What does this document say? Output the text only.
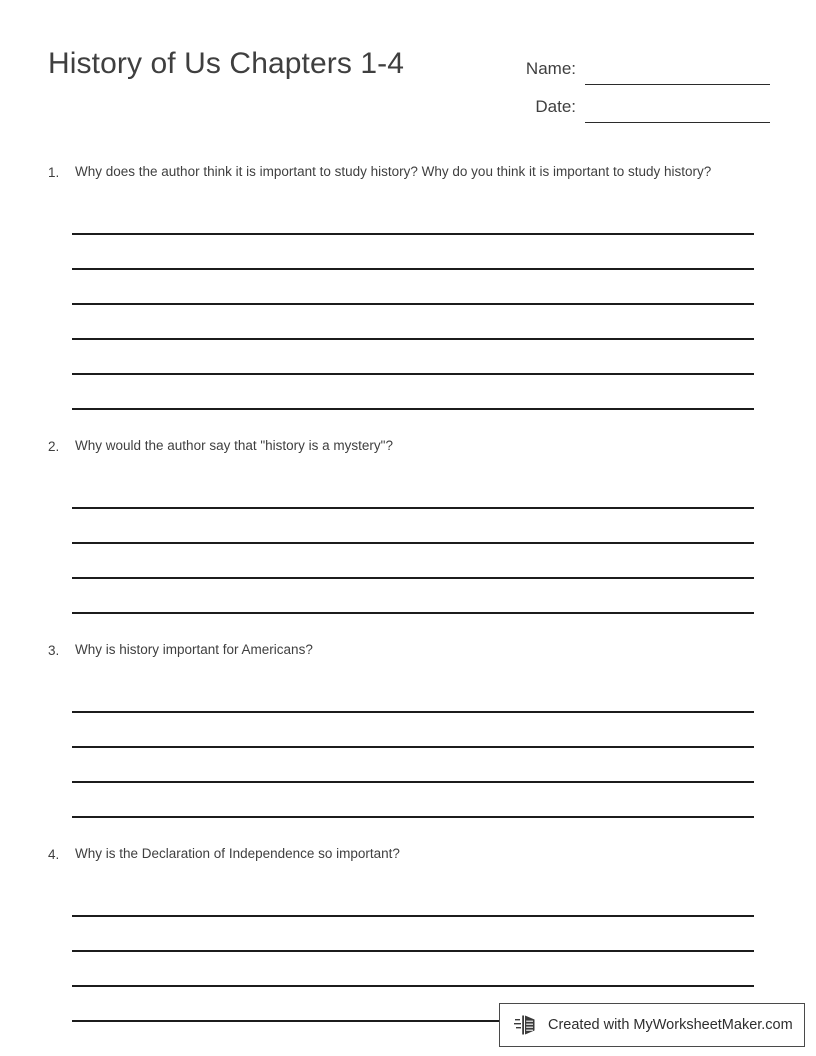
History of Us Chapters 1-4	Name:
Date:
1.	Why does the author think it is important to study history? Why do you think it is important to study history?
2.	Why would the author say that "history is a mystery"?
3.	Why is history important for Americans?
4.	Why is the Declaration of Independence so important?
Created with MyWorksheetMaker.com
